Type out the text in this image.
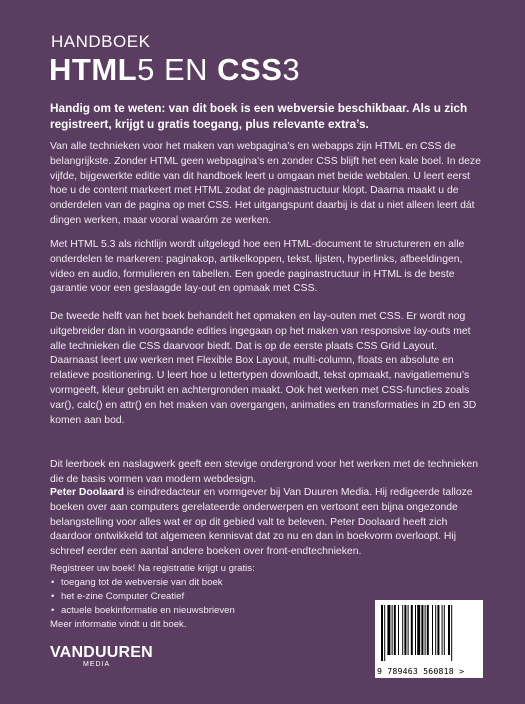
HANDBOEK
HTML5 EN CSS3
Handig om te weten: van dit boek is een webversie beschikbaar. Als u zich registreert, krijgt u gratis toegang, plus relevante extra’s.
Van alle technieken voor het maken van webpagina’s en webapps zijn HTML en CSS de belangrijkste. Zonder HTML geen webpagina’s en zonder CSS blijft het een kale boel. In deze vijfde, bijgewerkte editie van dit handboek leert u omgaan met beide webtalen. U leert eerst hoe u de content markeert met HTML zodat de paginastructuur klopt. Daarna maakt u de onderdelen van de pagina op met CSS. Het uitgangspunt daarbij is dat u niet alleen leert dát dingen werken, maar vooral waaróm ze werken.
Met HTML 5.3 als richtlijn wordt uitgelegd hoe een HTML-document te structureren en alle onderdelen te markeren: paginakop, artikelkoppen, tekst, lijsten, hyperlinks, afbeeldingen, video en audio, formulieren en tabellen. Een goede paginastructuur in HTML is de beste garantie voor een geslaagde lay-out en opmaak met CSS.
De tweede helft van het boek behandelt het opmaken en lay-outen met CSS. Er wordt nog uitgebreider dan in voorgaande edities ingegaan op het maken van responsive lay-outs met alle technieken die CSS daarvoor biedt. Dat is op de eerste plaats CSS Grid Layout. Daarnaast leert uw werken met Flexible Box Layout, multi-column, floats en absolute en relatieve positionering. U leert hoe u lettertypen downloadt, tekst opmaakt, navigatiemenu’s vormgeeft, kleur gebruikt en achtergronden maakt. Ook het werken met CSS-functies zoals var(), calc() en attr() en het maken van overgangen, animaties en transformaties in 2D en 3D komen aan bod.
Dit leerboek en naslagwerk geeft een stevige ondergrond voor het werken met de technieken die de basis vormen van modern webdesign.
Peter Doolaard is eindredacteur en vormgever bij Van Duuren Media. Hij redigeerde talloze boeken over aan computers gerelateerde onderwerpen en vertoont een bijna ongezonde belangstelling voor alles wat er op dit gebied valt te beleven. Peter Doolaard heeft zich daardoor ontwikkeld tot algemeen kennisvat dat zo nu en dan in boekvorm overloopt. Hij schreef eerder een aantal andere boeken over front-endtechnieken.
Registreer uw boek! Na registratie krijgt u gratis:
• toegang tot de webversie van dit boek
• het e-zine Computer Creatief
• actuele boekinformatie en nieuwsbrieven
Meer informatie vindt u dit boek.
VANDUUREN
MEDIA
9 789463 560818 >
